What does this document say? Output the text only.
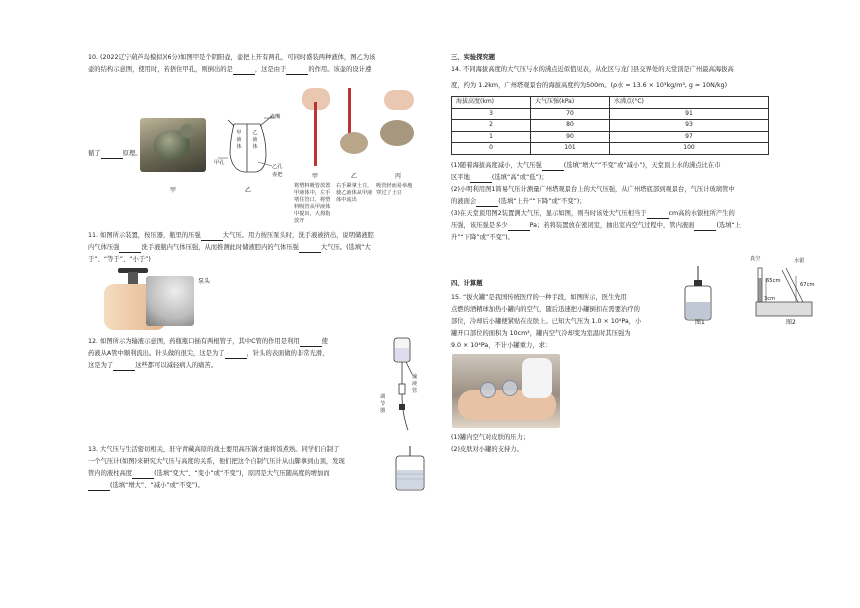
10. (2022辽宁葫芦岛模拟)(6分)如图甲是个阴阳壶，壶把上开有两孔，可同时盛装两种液体，图乙为该

壶的结构示意图，使用时，若捂住甲孔，则倒出的是	，这是由于	的作用。该壶的设计遵

循了	原理。

甲
壶嘴
甲液体
乙液体
甲孔
乙孔
壶把
乙
甲	乙	丙
将塑料吸管放置甲液体中，左手堵住管口，将塑料吸管从甲液体中提出，大拇指放开
右手紧拿土豆，使乙液体从甲液体中流出
吸管轻而易举地穿过了土豆

11. 如图所示装置，按压器，瓶里的压强	大气压。用力按压泵头时，洗手液被挤出，说明储液腔

内气体压强	洗手液瓶内气体压强，从而推测此时储液腔内的气体压强	大气压。(选填“大

于”、“等于”、“小于”)

泵头

12. 如图所示为输液示意图，药瓶瓶口插有两根管子，其中C管的作用是利用	使

药液从A管中顺利流出。针头做的很尖，这是为了	，针头的表面做的非常光滑，

这是为了	这些都可以减轻病人的痛苦。

调节器
输液管

13. 大气压与生活密切相关，驻守青藏高原的战士要用高压锅才能将饭煮熟。同学们自制了

一个气压计(如图)来研究大气压与高度的关系，他们把这个自制气压计从山脚拿到山顶，发现

管内的液柱高度	(选填“变大”、“变小”或“不变”)，原因是大气压随高度的增加而

(选填“增大”、“减小”或“不变”)。

三、实验探究题

14. 不同海拔高度的大气压与水的沸点近似值见表，从化区与龙门县交界处的天堂顶是广州最高海拔高

度，约为 1.2km，广州塔观景台的海拔高度约为500m。(ρ水 = 13.6 × 10³kg/m³, g = 10N/kg)

海拔高度(km)	大气压强(kPa)	水沸点(°C)
3	70	91
2	80	93
1	90	97
0	101	100

(1)随着海拔高度减小，大气压强	(选填“增大”“不变”或“减小”)，天堂顶上水的沸点比在市

区平地	(选填“高”或“低”)；

(2)小明利用图1简易气压计测量广州塔观景台上的大气压强，从广州塔底部到观景台，气压计玻璃管中

的液面会	(选填“上升”“下降”或“不变”)；

(3)在天堂顶用图2装置测大气压，显示如图，则当时该处大气压相当于	cm高的水银柱所产生的

压强，该压强是多少	Pa；若将装置放在密闭室，抽出室内空气过程中，管内液面	(选填“上

升”“下降”或“不变”)。

四、计算题

15. “拔火罐”是我国传统医疗的一种手段，如图所示，医生先用

点燃的酒精球加热小罐内的空气，随后迅速把小罐倒扣在需要治疗的

部位，冷却后小罐便紧贴在皮肤上。已知大气压为 1.0 × 10⁵Pa，小

罐开口部位的面积为 10cm²，罐内空气冷却变为室温时其压强为

9.0 × 10⁴Pa，不计小罐重力，求：

(1)罐内空气对皮肤的压力；

(2)皮肤对小罐的支持力。

图1
真空	水银
65cm
3cm
67cm
图2
